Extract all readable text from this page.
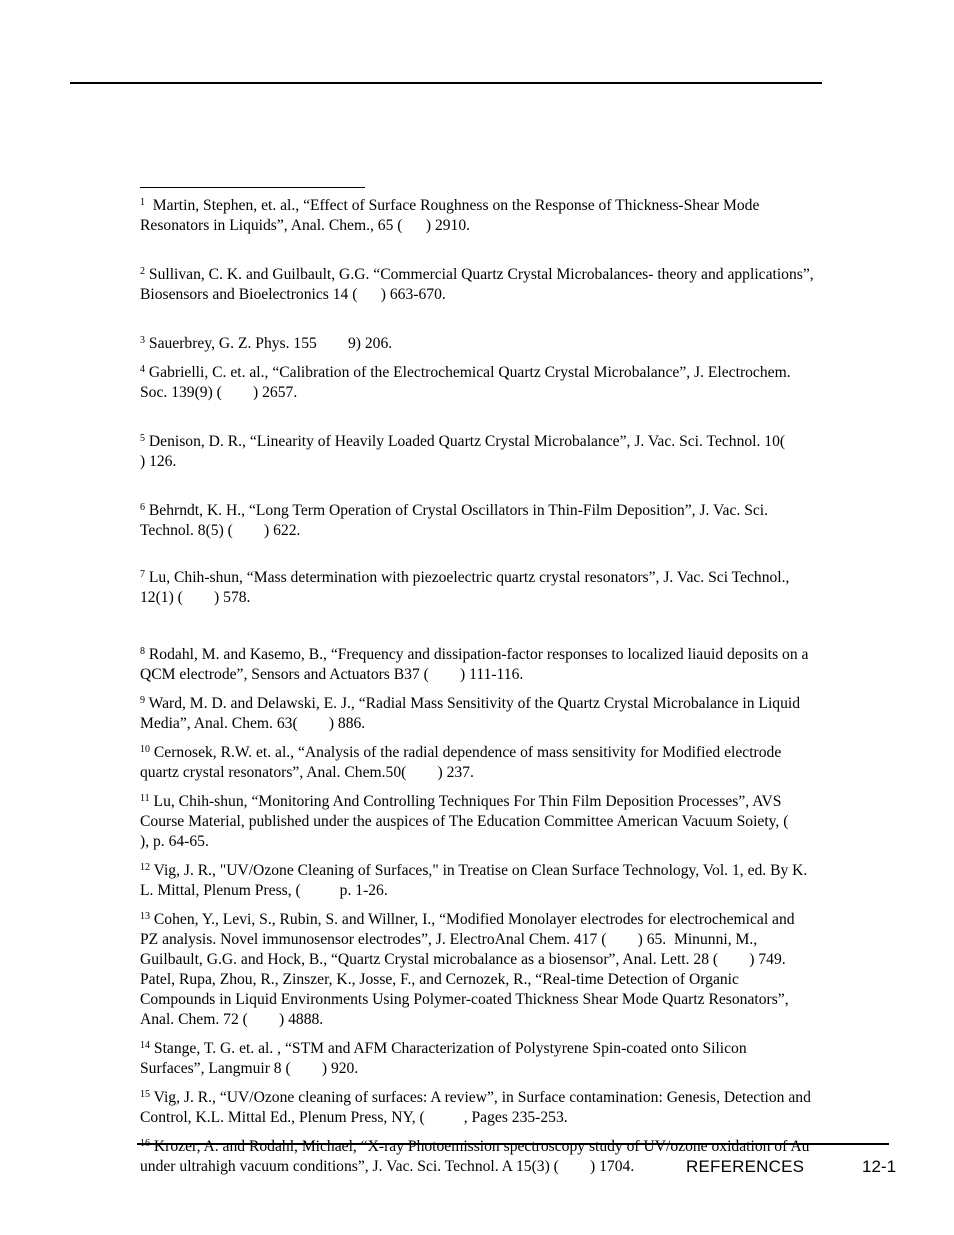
$^1$ Martin, Stephen, et. al., “Effect of Surface Roughness on the Response of Thickness-Shear Mode Resonators in Liquids”, Anal. Chem., 65 (      ) 2910.

$^2$ Sullivan, C. K. and Guilbault, G.G. “Commercial Quartz Crystal Microbalances- theory and applications”, Biosensors and Bioelectronics 14 (      ) 663-670.

$^3$ Sauerbrey, G. Z. Phys. 155        9) 206.

$^4$ Gabrielli, C. et. al., “Calibration of the Electrochemical Quartz Crystal Microbalance”, J. Electrochem. Soc. 139(9) (        ) 2657.

$^5$ Denison, D. R., “Linearity of Heavily Loaded Quartz Crystal Microbalance”, J. Vac. Sci. Technol. 10(        ) 126.

$^6$ Behrndt, K. H., “Long Term Operation of Crystal Oscillators in Thin-Film Deposition”, J. Vac. Sci. Technol. 8(5) (        ) 622.

$^7$ Lu, Chih-shun, “Mass determination with piezoelectric quartz crystal resonators”, J. Vac. Sci Technol., 12(1) (        ) 578.

$^8$ Rodahl, M. and Kasemo, B., “Frequency and dissipation-factor responses to localized liauid deposits on a QCM electrode”, Sensors and Actuators B37 (        ) 111-116.

$^9$ Ward, M. D. and Delawski, E. J., “Radial Mass Sensitivity of the Quartz Crystal Microbalance in Liquid Media”, Anal. Chem. 63(        ) 886.

$^{10}$ Cernosek, R.W. et. al., “Analysis of the radial dependence of mass sensitivity for Modified electrode quartz crystal resonators”, Anal. Chem.50(        ) 237.

$^{11}$ Lu, Chih-shun, “Monitoring And Controlling Techniques For Thin Film Deposition Processes”, AVS Course Material, published under the auspices of The Education Committee American Vacuum Soiety, (        ), p. 64-65.

$^{12}$ Vig, J. R., "UV/Ozone Cleaning of Surfaces," in Treatise on Clean Surface Technology, Vol. 1, ed. By K. L. Mittal, Plenum Press, (          p. 1-26.

$^{13}$ Cohen, Y., Levi, S., Rubin, S. and Willner, I., “Modified Monolayer electrodes for electrochemical and PZ analysis. Novel immunosensor electrodes”, J. ElectroAnal Chem. 417 (        ) 65.  Minunni, M., Guilbault, G.G. and Hock, B., “Quartz Crystal microbalance as a biosensor”, Anal. Lett. 28 (        ) 749.   Patel, Rupa, Zhou, R., Zinszer, K., Josse, F., and Cernozek, R., “Real-time Detection of Organic Compounds in Liquid Environments Using Polymer-coated Thickness Shear Mode Quartz Resonators”, Anal. Chem. 72 (        ) 4888.

$^{14}$ Stange, T. G. et. al. , “STM and AFM Characterization of Polystyrene Spin-coated onto Silicon Surfaces”, Langmuir 8 (        ) 920.

$^{15}$ Vig, J. R., “UV/Ozone cleaning of surfaces: A review”, in Surface contamination: Genesis, Detection and Control, K.L. Mittal Ed., Plenum Press, NY, (          , Pages 235-253.

$^{16}$ Krozer, A. and Rodahl, Michael, “X-ray Photoemission spectroscopy study of UV/ozone oxidation of Au under ultrahigh vacuum conditions”, J. Vac. Sci. Technol. A 15(3) (        ) 1704.	REFERENCES	12-1
